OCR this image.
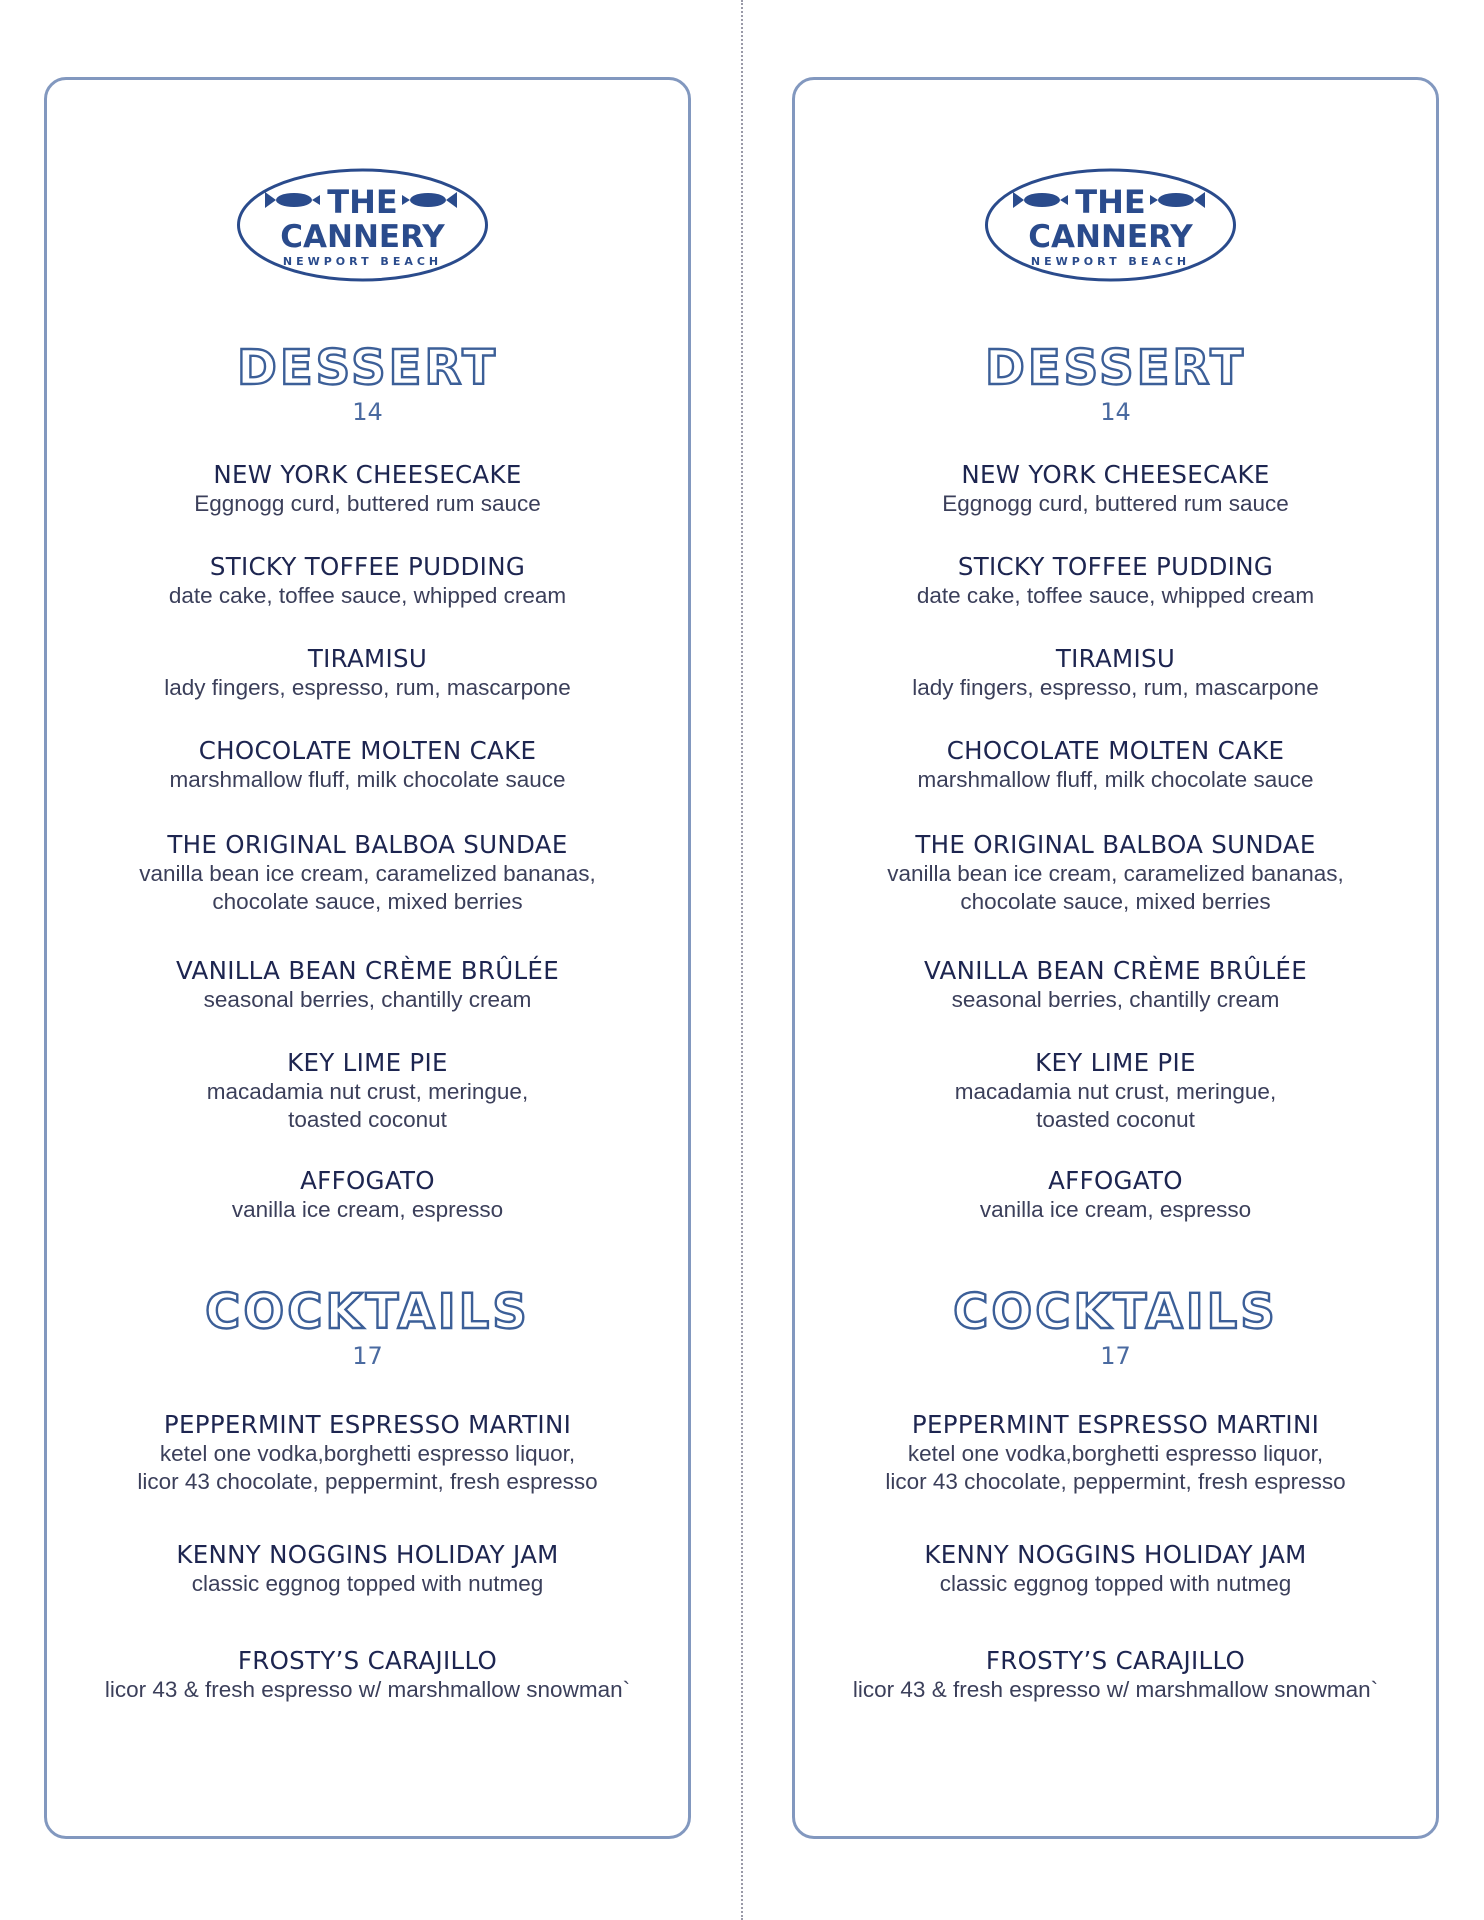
THE
CANNERY
NEWPORT BEACH
DESSERT
14
NEW YORK CHEESECAKE
Eggnogg curd, buttered rum sauce
STICKY TOFFEE PUDDING
date cake, toffee sauce, whipped cream
TIRAMISU
lady fingers, espresso, rum, mascarpone
CHOCOLATE MOLTEN CAKE
marshmallow fluff, milk chocolate sauce
THE ORIGINAL BALBOA SUNDAE
vanilla bean ice cream, caramelized bananas,
chocolate sauce, mixed berries
VANILLA BEAN CRÈME BRÛLÉE
seasonal berries, chantilly cream
KEY LIME PIE
macadamia nut crust, meringue,
toasted coconut
AFFOGATO
vanilla ice cream, espresso
COCKTAILS
17
PEPPERMINT ESPRESSO MARTINI
ketel one vodka,borghetti espresso liquor,
licor 43 chocolate, peppermint, fresh espresso
KENNY NOGGINS HOLIDAY JAM
classic eggnog topped with nutmeg
FROSTY’S CARAJILLO
licor 43 & fresh espresso w/ marshmallow snowman`
THE
CANNERY
NEWPORT BEACH
DESSERT
14
NEW YORK CHEESECAKE
Eggnogg curd, buttered rum sauce
STICKY TOFFEE PUDDING
date cake, toffee sauce, whipped cream
TIRAMISU
lady fingers, espresso, rum, mascarpone
CHOCOLATE MOLTEN CAKE
marshmallow fluff, milk chocolate sauce
THE ORIGINAL BALBOA SUNDAE
vanilla bean ice cream, caramelized bananas,
chocolate sauce, mixed berries
VANILLA BEAN CRÈME BRÛLÉE
seasonal berries, chantilly cream
KEY LIME PIE
macadamia nut crust, meringue,
toasted coconut
AFFOGATO
vanilla ice cream, espresso
COCKTAILS
17
PEPPERMINT ESPRESSO MARTINI
ketel one vodka,borghetti espresso liquor,
licor 43 chocolate, peppermint, fresh espresso
KENNY NOGGINS HOLIDAY JAM
classic eggnog topped with nutmeg
FROSTY’S CARAJILLO
licor 43 & fresh espresso w/ marshmallow snowman`
